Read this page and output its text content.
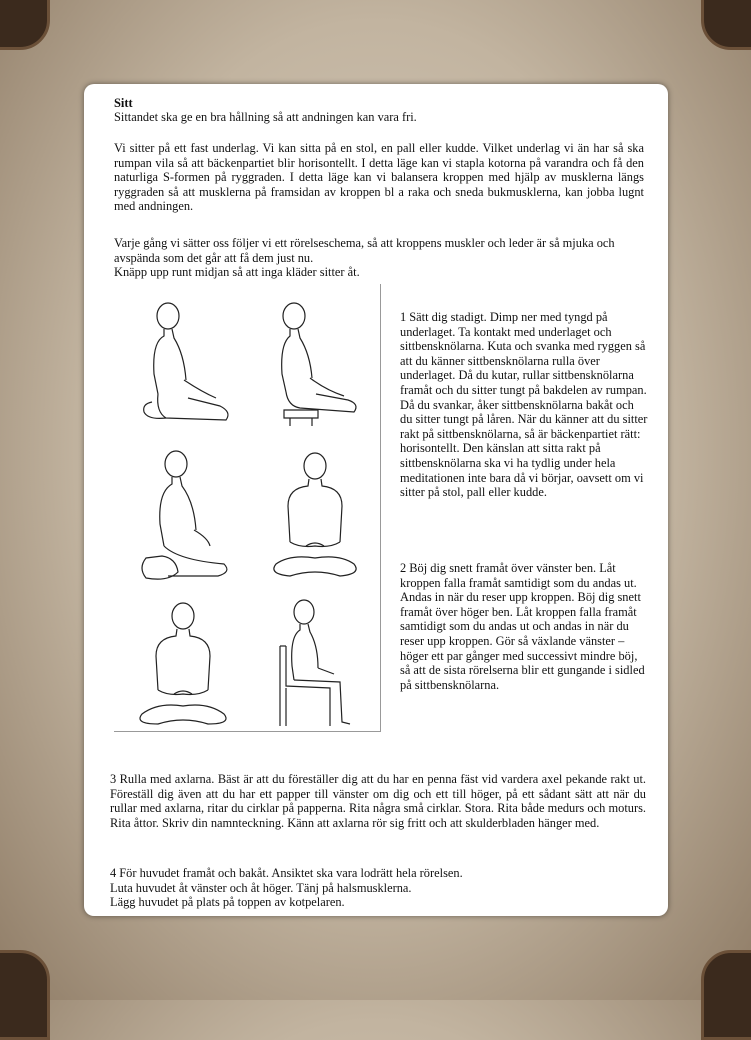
Sitt
Sittandet ska ge en bra hållning så att andningen kan vara fri.
Vi sitter på ett fast underlag. Vi kan sitta på en stol, en pall eller kudde. Vilket underlag vi än har så ska rumpan vila så att bäckenpartiet blir horisontellt. I detta läge kan vi stapla kotorna på varandra och få den naturliga S-formen på ryggraden. I detta läge kan vi balansera kroppen med hjälp av musklerna längs ryggraden så att musklerna på framsidan av kroppen bl a raka och sneda bukmusklerna, kan jobba lugnt med andningen.
Varje gång vi sätter oss följer vi ett rörelseschema, så att kroppens muskler och leder är så mjuka och avspända som det går att få dem just nu.
Knäpp upp runt midjan så att inga kläder sitter åt.
1 Sätt dig stadigt. Dimp ner med tyngd på underlaget. Ta kontakt med underlaget och sittbensknölarna. Kuta och svanka med ryggen så att du känner sittbensknölarna rulla över underlaget. Då du kutar, rullar sittbensknölarna framåt och du sitter tungt på bakdelen av rumpan. Då du svankar, åker sittbensknölarna bakåt och du sitter tungt på låren. När du känner att du sitter rakt på sittbensknölarna, så är bäckenpartiet rätt: horisontellt. Den känslan att sitta rakt på sittbensknölarna ska vi ha tydlig under hela meditationen inte bara då vi börjar, oavsett om vi sitter på stol, pall eller kudde.
2 Böj dig snett framåt över vänster ben. Låt kroppen falla framåt samtidigt som du andas ut. Andas in när du reser upp kroppen. Böj dig snett framåt över höger ben. Låt kroppen falla framåt samtidigt som du andas ut och andas in när du reser upp kroppen. Gör så växlande vänster – höger ett par gånger med successivt mindre böj, så att de sista rörelserna blir ett gungande i sidled på sittbensknölarna.
3 Rulla med axlarna. Bäst är att du föreställer dig att du har en penna fäst vid vardera axel pekande rakt ut. Föreställ dig även att du har ett papper till vänster om dig och ett till höger, på ett sådant sätt att när du rullar med axlarna, ritar du cirklar på papperna. Rita några små cirklar. Stora. Rita både medurs och moturs. Rita åttor. Skriv din namnteckning. Känn att axlarna rör sig fritt och att skulderbladen hänger med.
4 För huvudet framåt och bakåt. Ansiktet ska vara lodrätt hela rörelsen.
Luta huvudet åt vänster och åt höger. Tänj på halsmusklerna.
Lägg huvudet på plats på toppen av kotpelaren.
